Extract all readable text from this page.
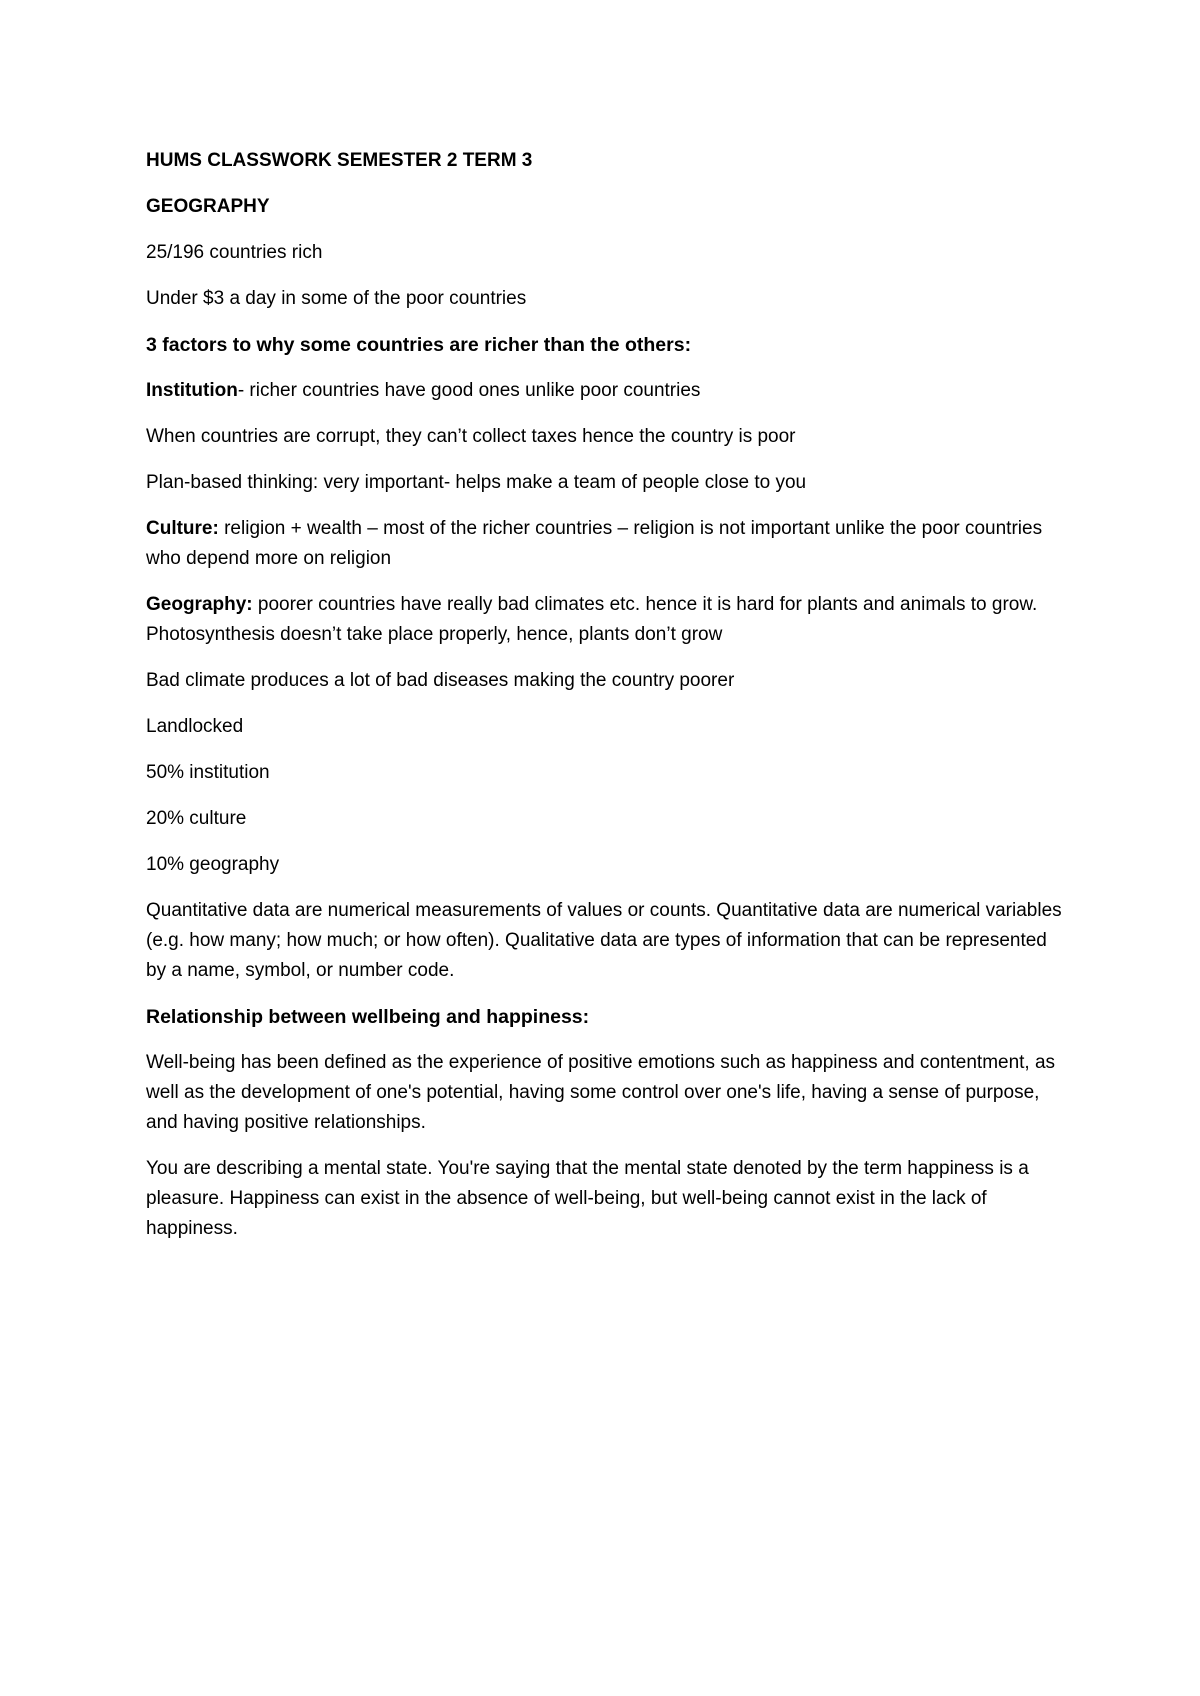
HUMS CLASSWORK SEMESTER 2 TERM 3

GEOGRAPHY

25/196 countries rich

Under $3 a day in some of the poor countries

3 factors to why some countries are richer than the others:

Institution- richer countries have good ones unlike poor countries

When countries are corrupt, they can’t collect taxes hence the country is poor

Plan-based thinking: very important- helps make a team of people close to you

Culture: religion + wealth – most of the richer countries – religion is not important unlike the poor countries who depend more on religion

Geography: poorer countries have really bad climates etc. hence it is hard for plants and animals to grow. Photosynthesis doesn’t take place properly, hence, plants don’t grow

Bad climate produces a lot of bad diseases making the country poorer

Landlocked

50% institution

20% culture

10% geography

Quantitative data are numerical measurements of values or counts. Quantitative data are numerical variables (e.g. how many; how much; or how often). Qualitative data are types of information that can be represented by a name, symbol, or number code.

Relationship between wellbeing and happiness:

Well-being has been defined as the experience of positive emotions such as happiness and contentment, as well as the development of one's potential, having some control over one's life, having a sense of purpose, and having positive relationships.

You are describing a mental state. You're saying that the mental state denoted by the term happiness is a pleasure. Happiness can exist in the absence of well-being, but well-being cannot exist in the lack of happiness.
